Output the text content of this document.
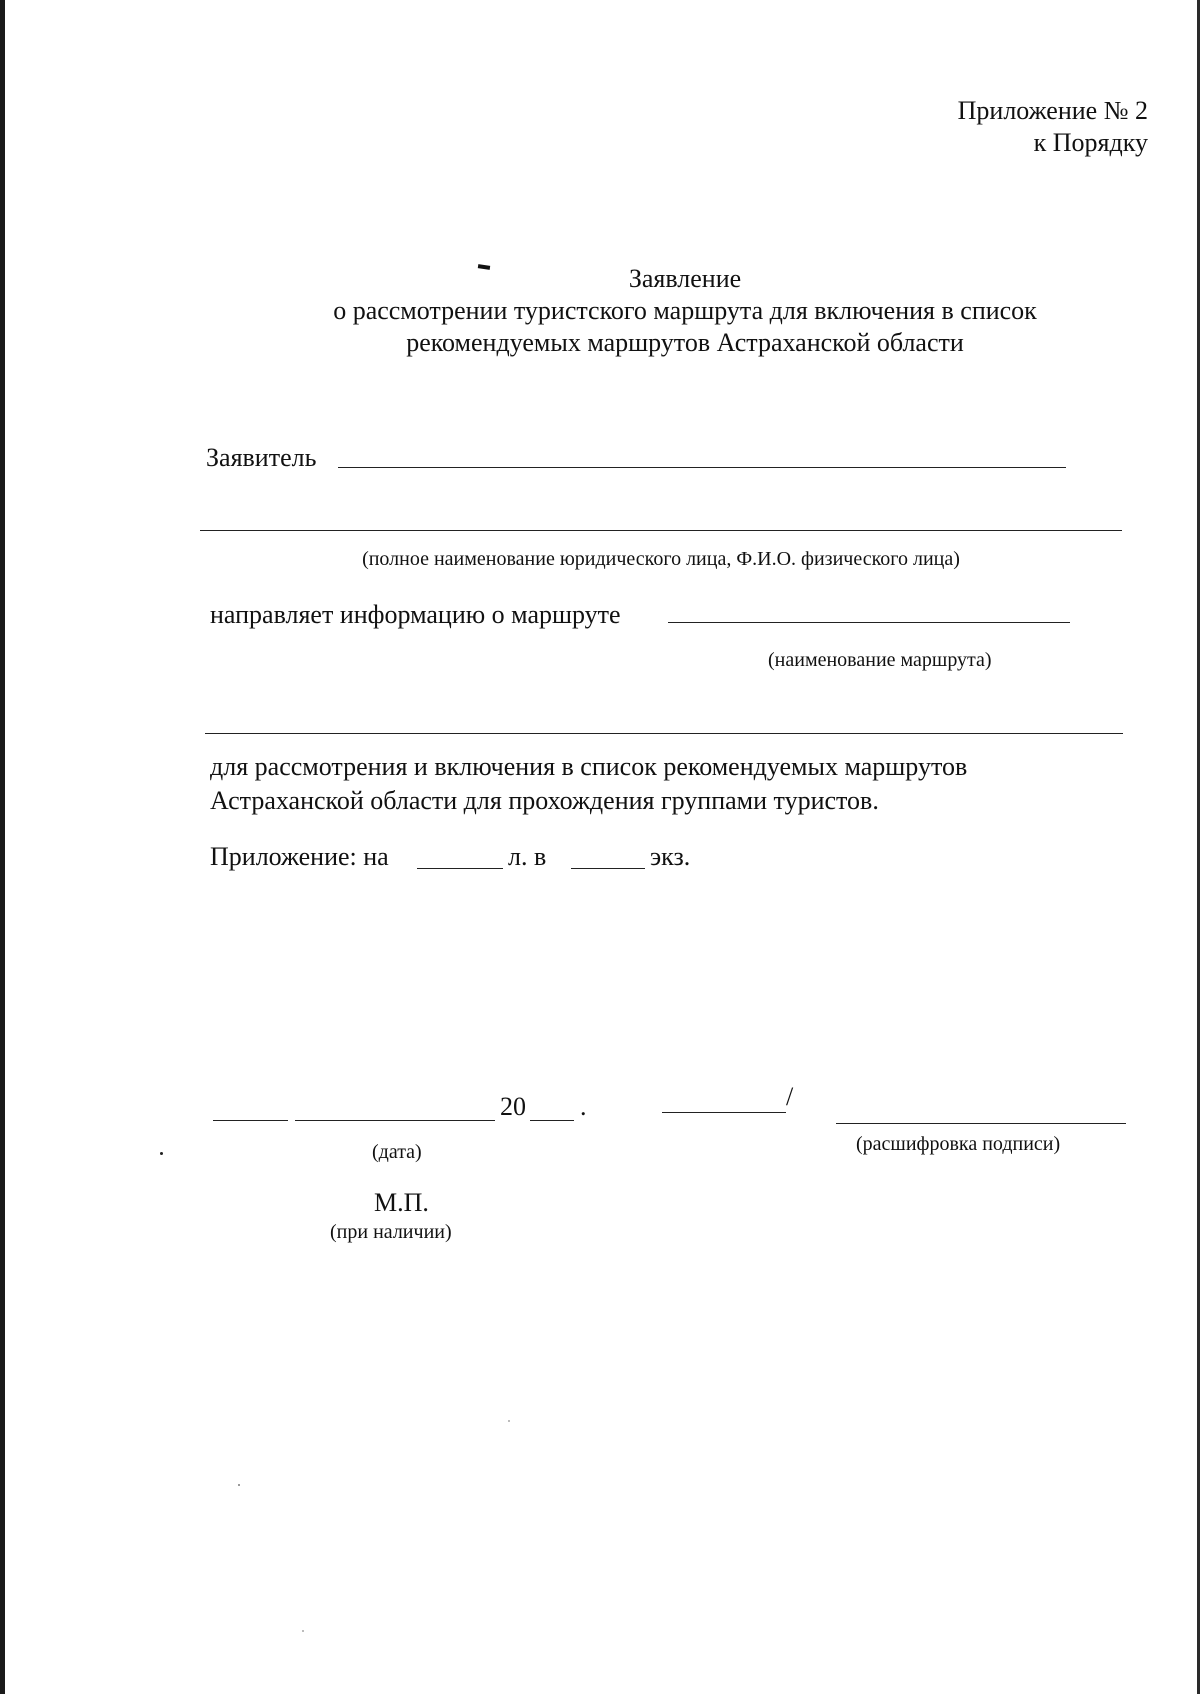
Приложение № 2
к Порядку
Заявление
о рассмотрении туристского маршрута для включения в список
рекомендуемых маршрутов Астраханской области
Заявитель
(полное наименование юридического лица, Ф.И.О. физического лица)
направляет информацию о маршруте
(наименование маршрута)
для рассмотрения и включения в список рекомендуемых маршрутов
Астраханской области для прохождения группами туристов.
Приложение: на	л. в	экз.
20 .	/
(дата)	(расшифровка подписи)
М.П.
(при наличии)
